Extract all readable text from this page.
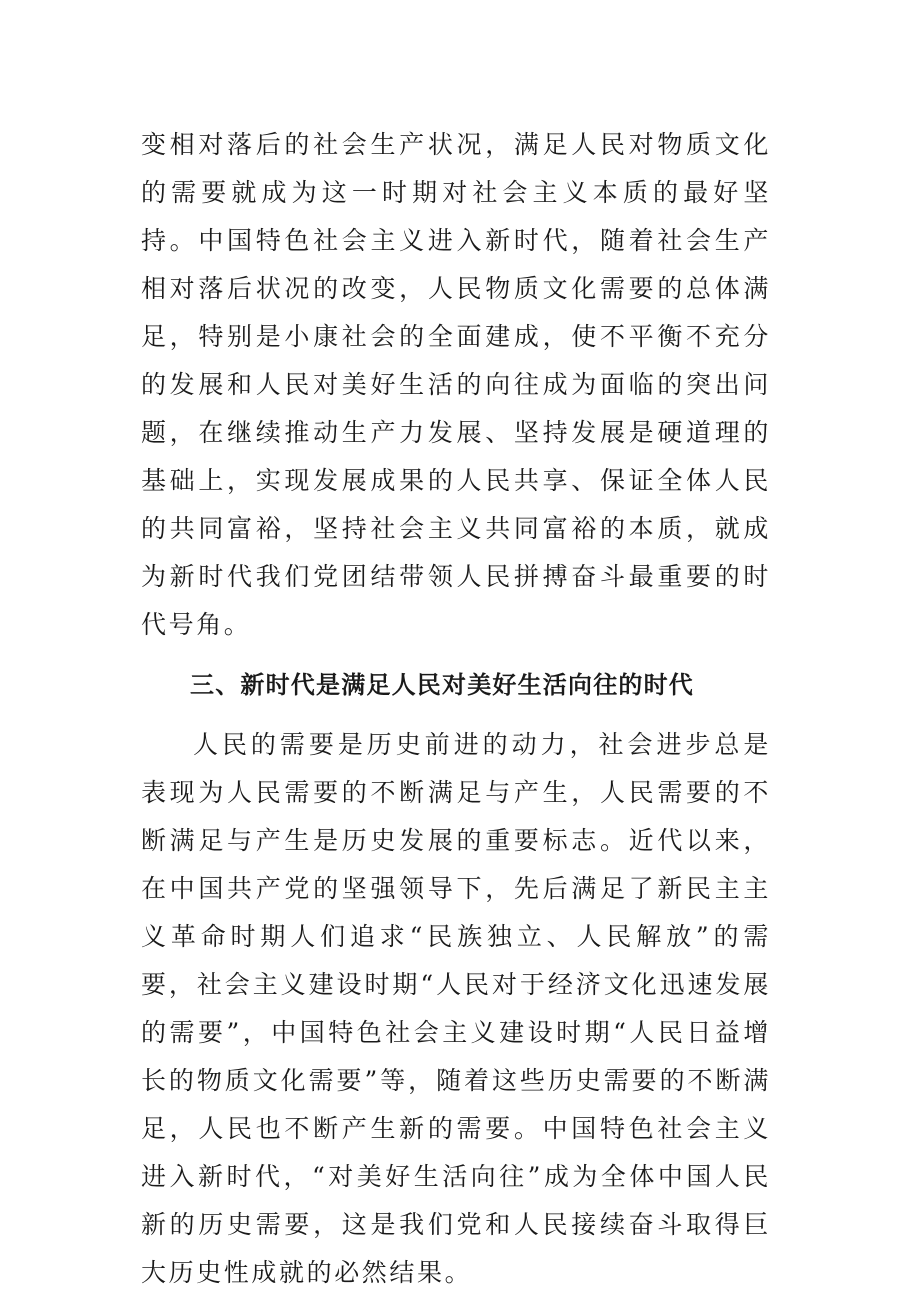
变相对落后的社会生产状况，满足人民对物质文化的需要就成为这一时期对社会主义本质的最好坚持。中国特色社会主义进入新时代，随着社会生产相对落后状况的改变，人民物质文化需要的总体满足，特别是小康社会的全面建成，使不平衡不充分的发展和人民对美好生活的向往成为面临的突出问题，在继续推动生产力发展、坚持发展是硬道理的基础上，实现发展成果的人民共享、保证全体人民的共同富裕，坚持社会主义共同富裕的本质，就成为新时代我们党团结带领人民拼搏奋斗最重要的时代号角。

三、新时代是满足人民对美好生活向往的时代

人民的需要是历史前进的动力，社会进步总是表现为人民需要的不断满足与产生，人民需要的不断满足与产生是历史发展的重要标志。近代以来，在中国共产党的坚强领导下，先后满足了新民主主义革命时期人们追求“民族独立、人民解放”的需要，社会主义建设时期“人民对于经济文化迅速发展的需要”，中国特色社会主义建设时期“人民日益增长的物质文化需要”等，随着这些历史需要的不断满足，人民也不断产生新的需要。中国特色社会主义进入新时代，“对美好生活向往”成为全体中国人民新的历史需要，这是我们党和人民接续奋斗取得巨大历史性成就的必然结果。
